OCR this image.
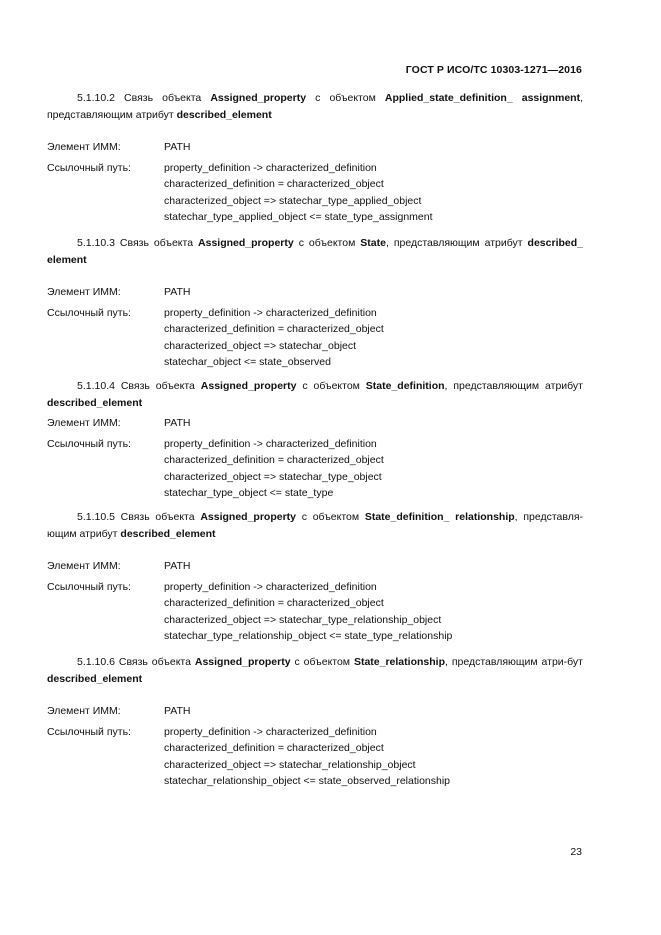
ГОСТ Р ИСО/ТС 10303-1271—2016

5.1.10.2 Связь объекта Assigned_property с объектом Applied_state_definition_ assignment, представляющим атрибут described_element

Элемент ИММ:	PATH
Ссылочный путь:	property_definition -> characterized_definition
characterized_definition = characterized_object
characterized_object => statechar_type_applied_object
statechar_type_applied_object <= state_type_assignment

5.1.10.3 Связь объекта Assigned_property с объектом State, представляющим атрибут described_ element

Элемент ИММ:	PATH
Ссылочный путь:	property_definition -> characterized_definition
characterized_definition = characterized_object
characterized_object => statechar_object
statechar_object <= state_observed

5.1.10.4 Связь объекта Assigned_property с объектом State_definition, представляющим атрибут described_element

Элемент ИММ:	PATH
Ссылочный путь:	property_definition -> characterized_definition
characterized_definition = characterized_object
characterized_object => statechar_type_object
statechar_type_object <= state_type

5.1.10.5 Связь объекта Assigned_property с объектом State_definition_ relationship, представля-ющим атрибут described_element

Элемент ИММ:	PATH
Ссылочный путь:	property_definition -> characterized_definition
characterized_definition = characterized_object
characterized_object => statechar_type_relationship_object
statechar_type_relationship_object <= state_type_relationship

5.1.10.6 Связь объекта Assigned_property с объектом State_relationship, представляющим атри-бут described_element

Элемент ИММ:	PATH
Ссылочный путь:	property_definition -> characterized_definition
characterized_definition = characterized_object
characterized_object => statechar_relationship_object
statechar_relationship_object <= state_observed_relationship
23
